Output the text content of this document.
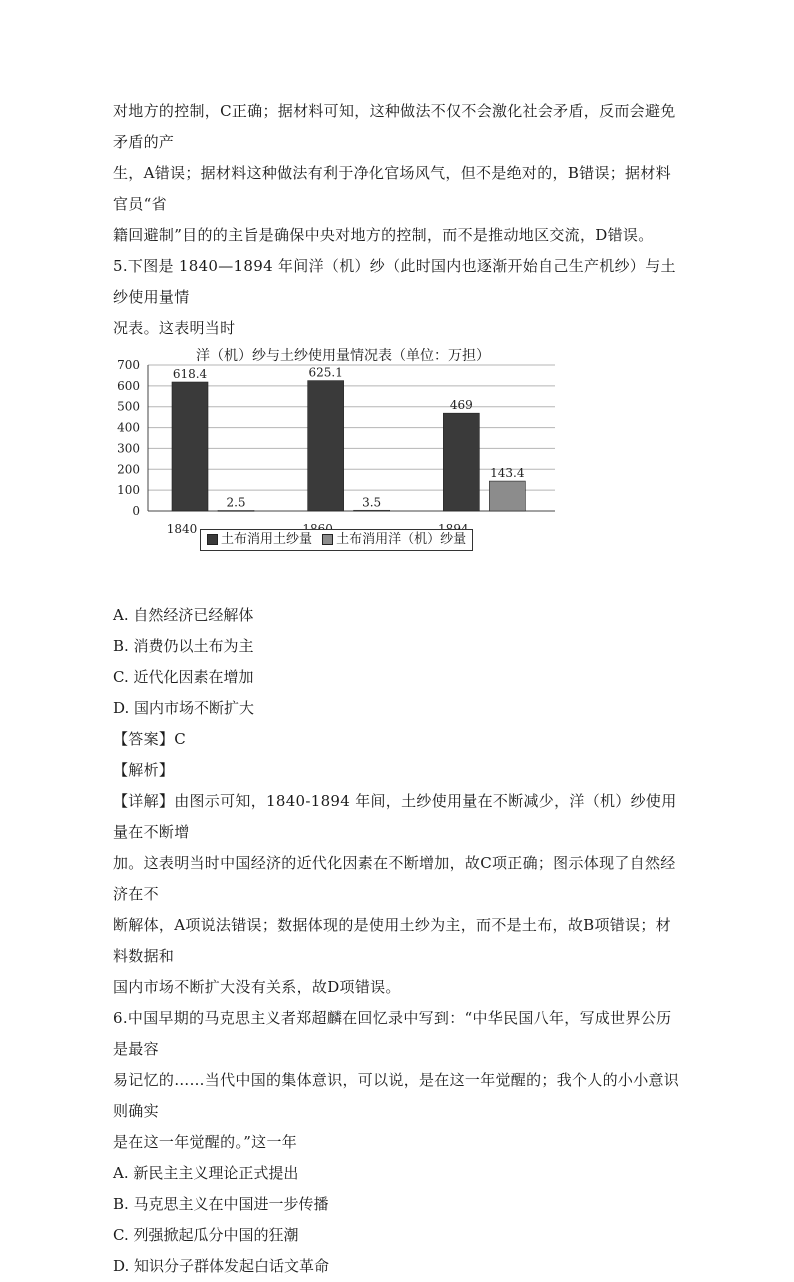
对地方的控制，C正确；据材料可知，这种做法不仅不会激化社会矛盾，反而会避免矛盾的产

生，A错误；据材料这种做法有利于净化官场风气，但不是绝对的，B错误；据材料官员“省

籍回避制”目的的主旨是确保中央对地方的控制，而不是推动地区交流，D错误。

5.下图是 1840—1894 年间洋（机）纱（此时国内也逐渐开始自己生产机纱）与土纱使用量情

况表。这表明当时

洋（机）纱与土纱使用量情况表（单位：万担）
0
100
200
300
400
500
600
700
618.4
2.5
1840
625.1
3.5
469
143.4
土布消用土纱量 土布消用洋（机）纱量

A. 自然经济已经解体

B. 消费仍以土布为主

C. 近代化因素在增加

D. 国内市场不断扩大

【答案】C

【解析】

【详解】由图示可知，1840-1894 年间，土纱使用量在不断减少，洋（机）纱使用量在不断增

加。这表明当时中国经济的近代化因素在不断增加，故C项正确；图示体现了自然经济在不

断解体，A项说法错误；数据体现的是使用土纱为主，而不是土布，故B项错误；材料数据和

国内市场不断扩大没有关系，故D项错误。

6.中国早期的马克思主义者郑超麟在回忆录中写到：“中华民国八年，写成世界公历是最容

易记忆的……当代中国的集体意识，可以说，是在这一年觉醒的；我个人的小小意识则确实

是在这一年觉醒的。”这一年

A. 新民主主义理论正式提出

B. 马克思主义在中国进一步传播

C. 列强掀起瓜分中国的狂潮

D. 知识分子群体发起白话文革命
